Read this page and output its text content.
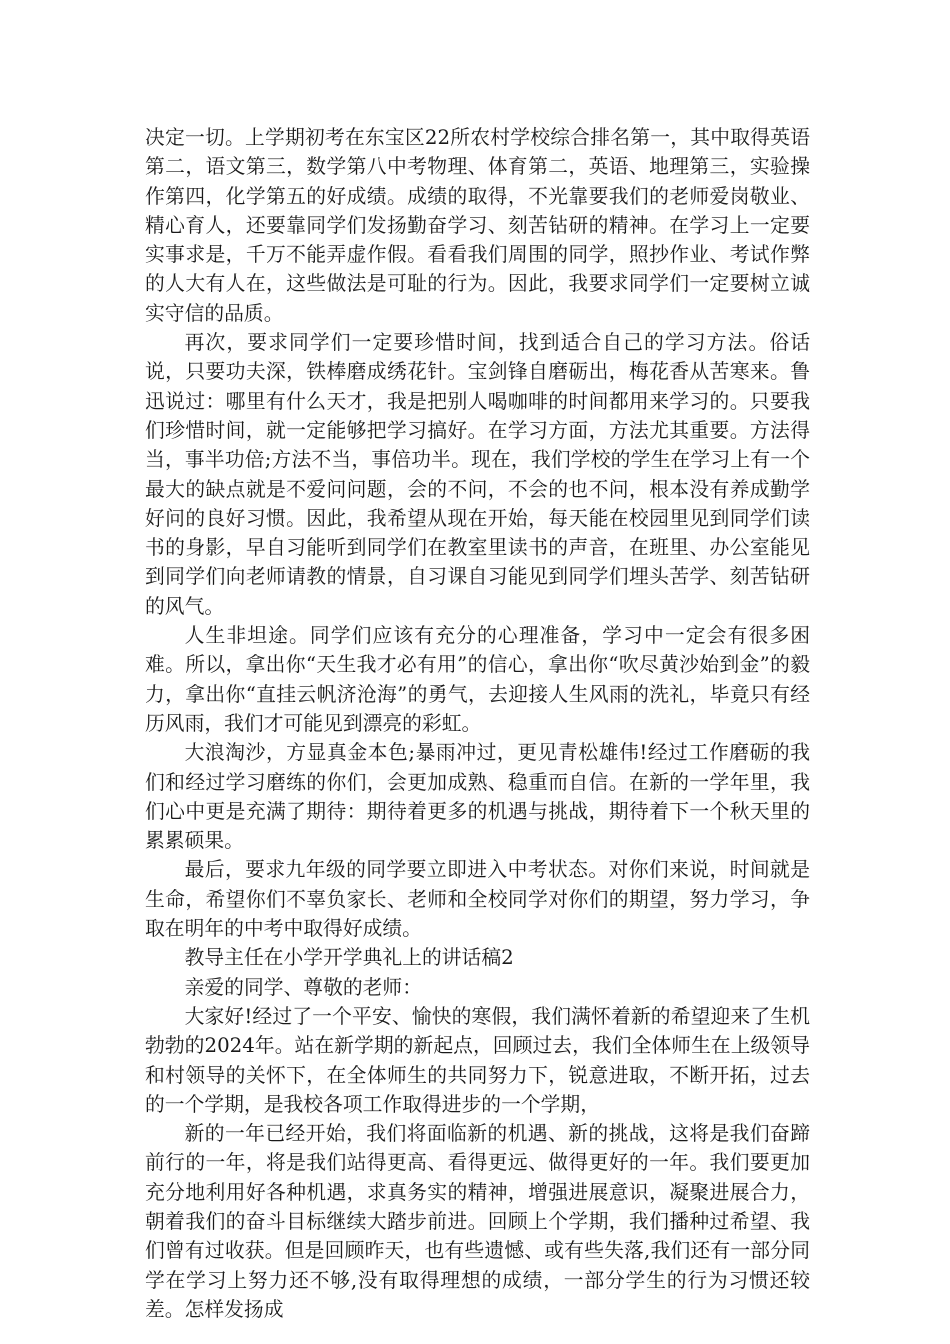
决定一切。上学期初考在东宝区22所农村学校综合排名第一，其中取得英语第二，语文第三，数学第八中考物理、体育第二，英语、地理第三，实验操作第四，化学第五的好成绩。成绩的取得，不光靠要我们的老师爱岗敬业、精心育人，还要靠同学们发扬勤奋学习、刻苦钻研的精神。在学习上一定要实事求是，千万不能弄虚作假。看看我们周围的同学，照抄作业、考试作弊的人大有人在，这些做法是可耻的行为。因此，我要求同学们一定要树立诚实守信的品质。

再次，要求同学们一定要珍惜时间，找到适合自己的学习方法。俗话说，只要功夫深，铁棒磨成绣花针。宝剑锋自磨砺出，梅花香从苦寒来。鲁迅说过：哪里有什么天才，我是把别人喝咖啡的时间都用来学习的。只要我们珍惜时间，就一定能够把学习搞好。在学习方面，方法尤其重要。方法得当，事半功倍;方法不当，事倍功半。现在，我们学校的学生在学习上有一个最大的缺点就是不爱问问题，会的不问，不会的也不问，根本没有养成勤学好问的良好习惯。因此，我希望从现在开始，每天能在校园里见到同学们读书的身影，早自习能听到同学们在教室里读书的声音，在班里、办公室能见到同学们向老师请教的情景，自习课自习能见到同学们埋头苦学、刻苦钻研的风气。

人生非坦途。同学们应该有充分的心理准备，学习中一定会有很多困难。所以，拿出你“天生我才必有用”的信心，拿出你“吹尽黄沙始到金”的毅力，拿出你“直挂云帆济沧海”的勇气，去迎接人生风雨的洗礼，毕竟只有经历风雨，我们才可能见到漂亮的彩虹。

大浪淘沙，方显真金本色;暴雨冲过，更见青松雄伟!经过工作磨砺的我们和经过学习磨练的你们，会更加成熟、稳重而自信。在新的一学年里，我们心中更是充满了期待：期待着更多的机遇与挑战，期待着下一个秋天里的累累硕果。

最后，要求九年级的同学要立即进入中考状态。对你们来说，时间就是生命，希望你们不辜负家长、老师和全校同学对你们的期望，努力学习，争取在明年的中考中取得好成绩。

教导主任在小学开学典礼上的讲话稿2

亲爱的同学、尊敬的老师：

大家好!经过了一个平安、愉快的寒假，我们满怀着新的希望迎来了生机勃勃的2024年。站在新学期的新起点，回顾过去，我们全体师生在上级领导和村领导的关怀下，在全体师生的共同努力下，锐意进取，不断开拓，过去的一个学期，是我校各项工作取得进步的一个学期，

新的一年已经开始，我们将面临新的机遇、新的挑战，这将是我们奋蹄前行的一年，将是我们站得更高、看得更远、做得更好的一年。我们要更加充分地利用好各种机遇，求真务实的精神，增强进展意识，凝聚进展合力，朝着我们的奋斗目标继续大踏步前进。回顾上个学期，我们播种过希望、我们曾有过收获。但是回顾昨天，也有些遗憾、或有些失落,我们还有一部分同学在学习上努力还不够,没有取得理想的成绩，一部分学生的行为习惯还较差。怎样发扬成
